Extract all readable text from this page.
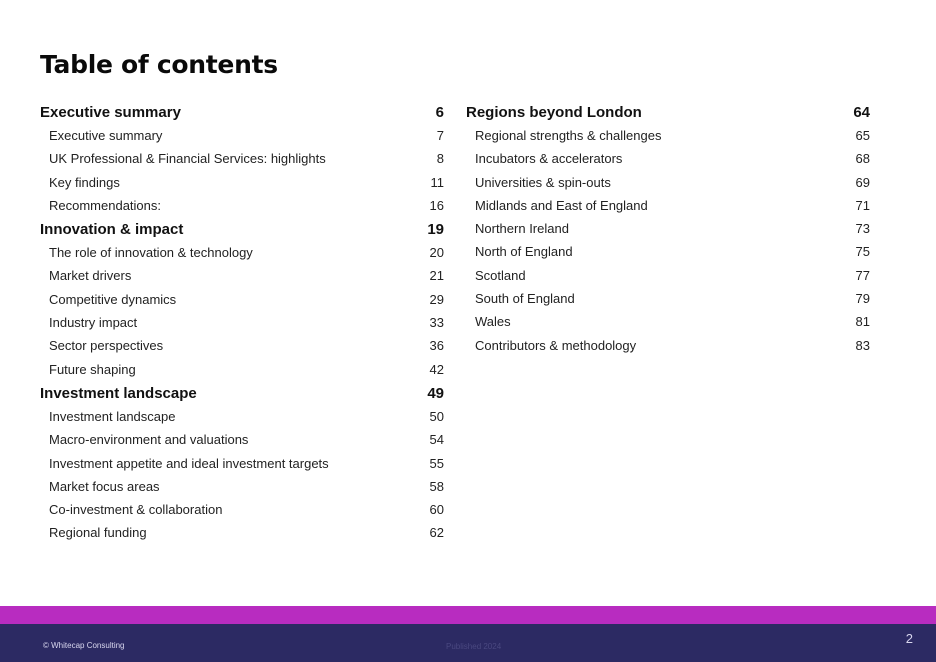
Table of contents
Executive summary	6
Executive summary	7
UK Professional & Financial Services: highlights	8
Key findings	11
Recommendations:	16
Innovation & impact	19
The role of innovation & technology	20
Market drivers	21
Competitive dynamics	29
Industry impact	33
Sector perspectives	36
Future shaping	42
Investment landscape	49
Investment landscape	50
Macro-environment and valuations	54
Investment appetite and ideal investment targets	55
Market focus areas	58
Co-investment & collaboration	60
Regional funding	62
Regions beyond London	64
Regional strengths & challenges	65
Incubators & accelerators	68
Universities & spin-outs	69
Midlands and East of England	71
Northern Ireland	73
North of England	75
Scotland	77
South of England	79
Wales	81
Contributors & methodology	83
© Whitecap Consulting	Published 2024
2
